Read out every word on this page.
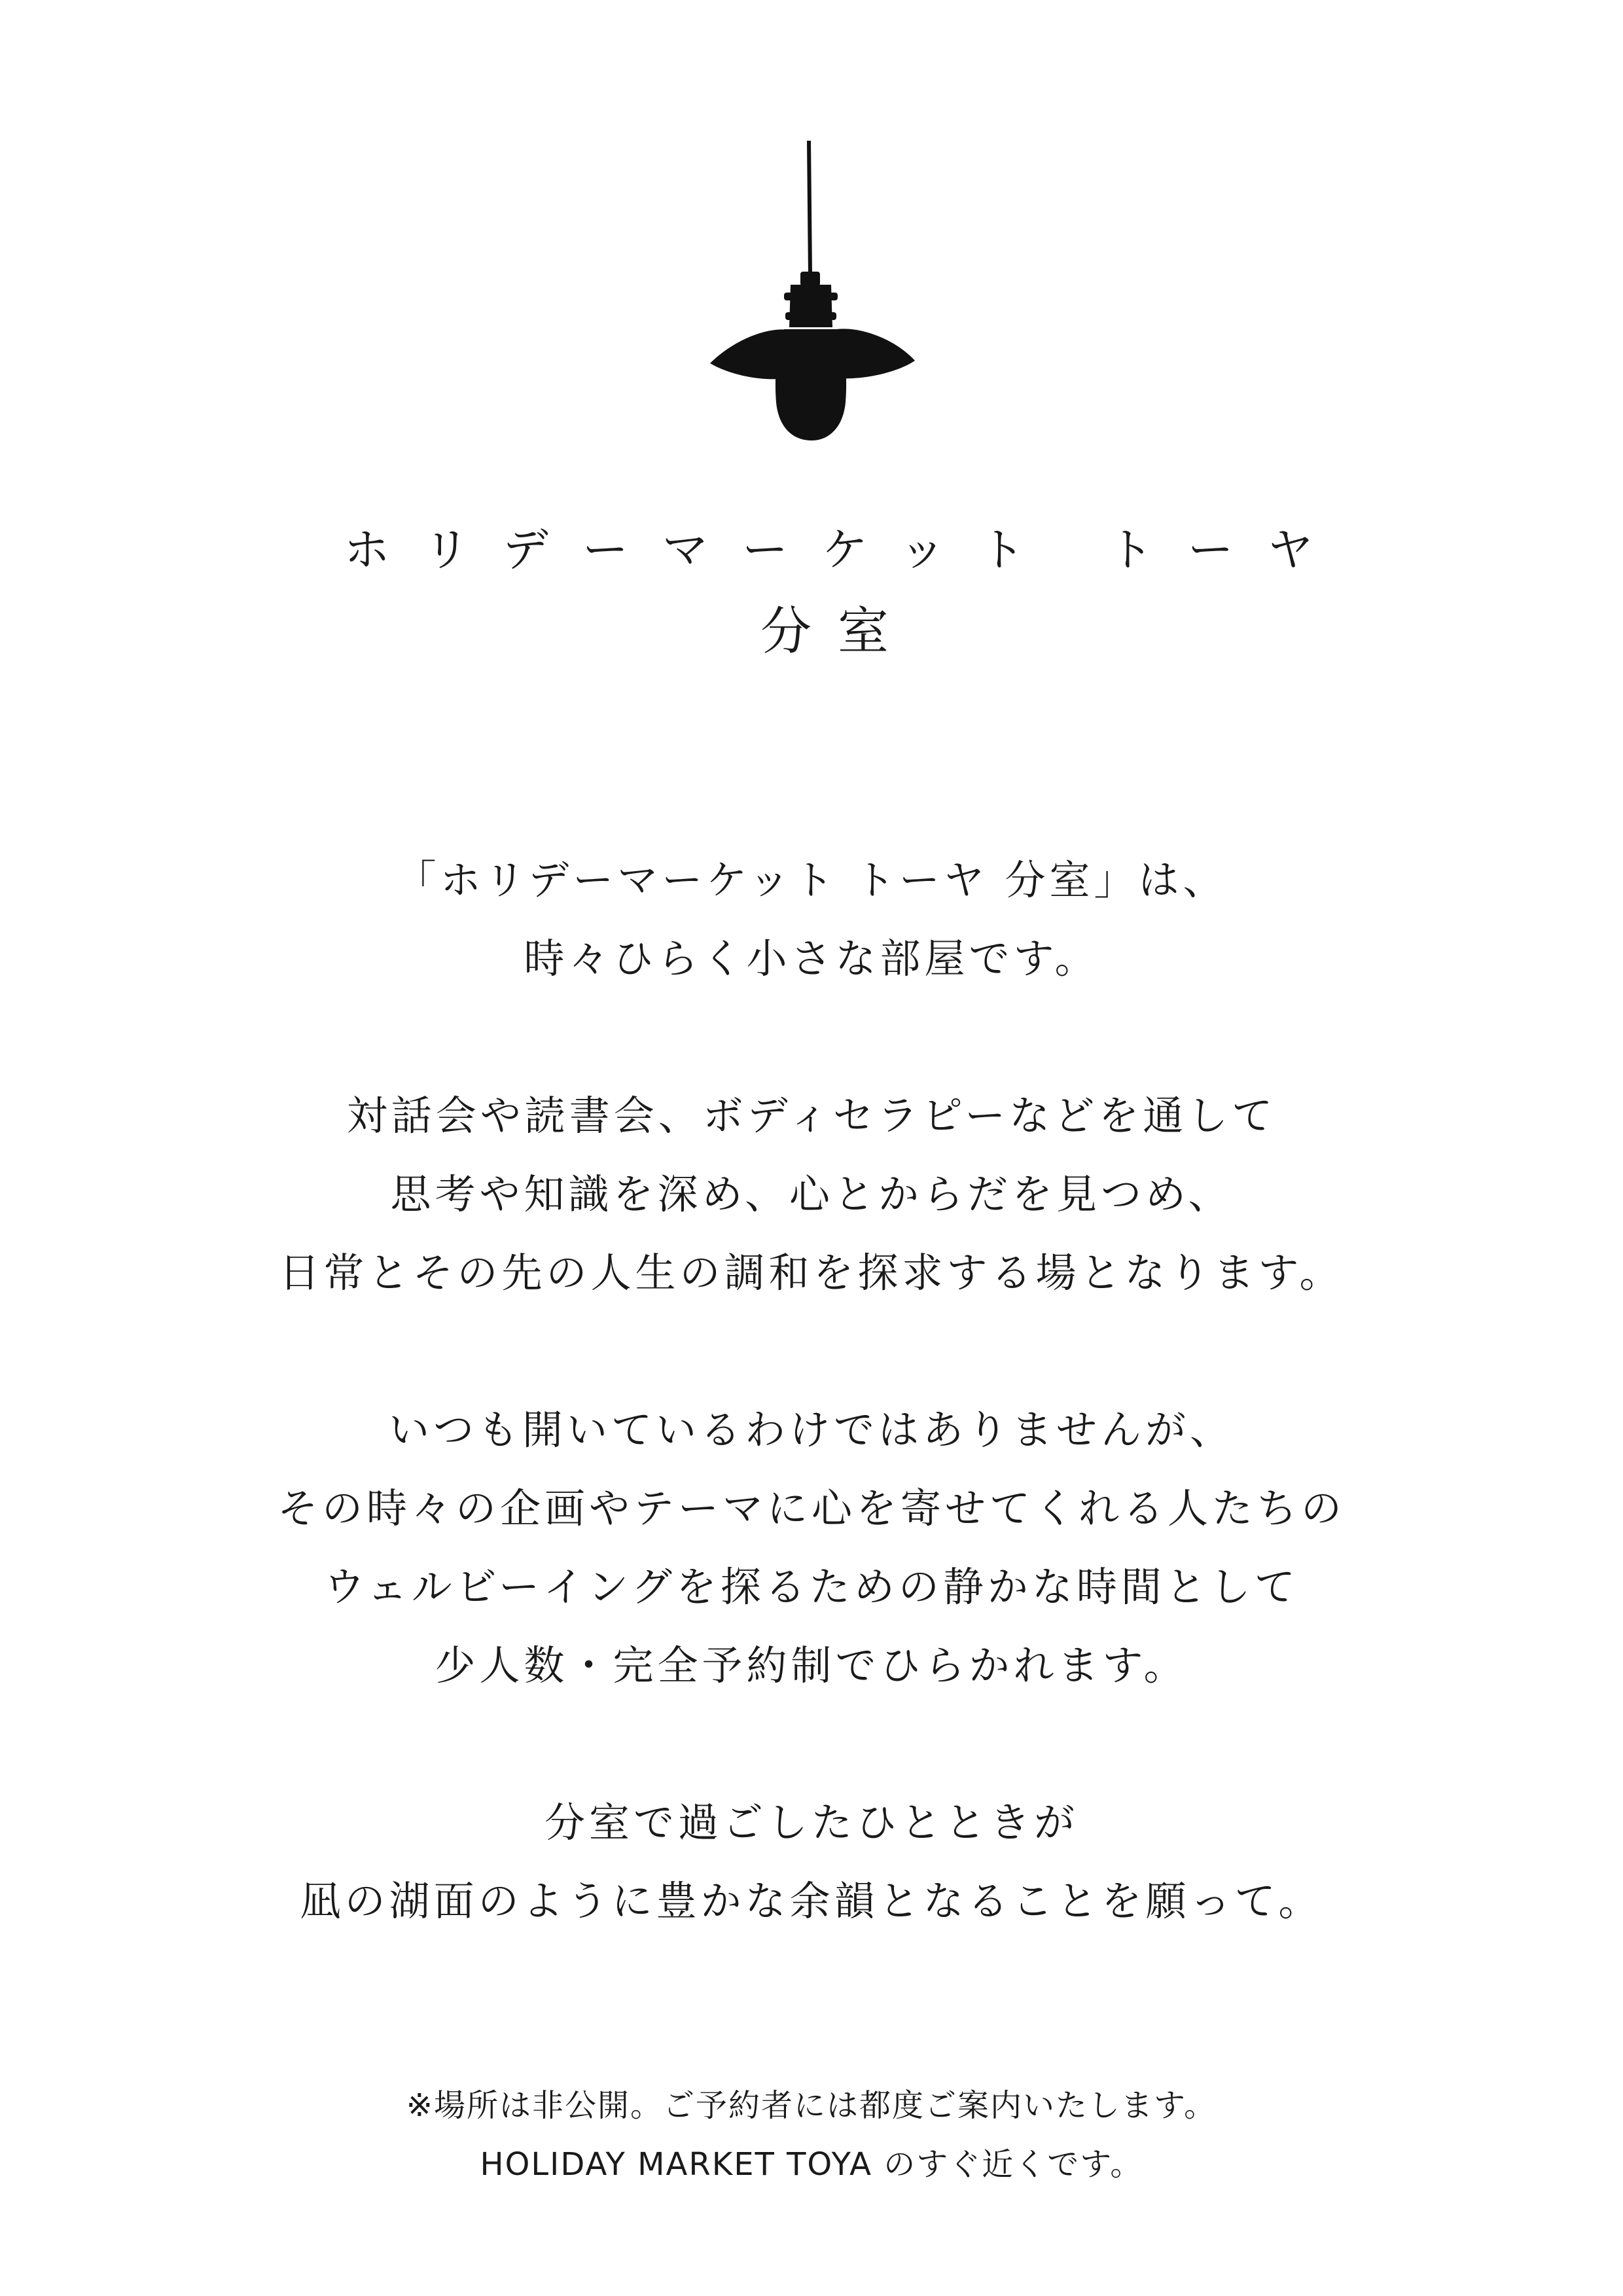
ホリデーマーケット トーヤ
分室

「ホリデーマーケット トーヤ 分室」は、
時々ひらく小さな部屋です。

対話会や読書会、ボディセラピーなどを通して
思考や知識を深め、心とからだを見つめ、
日常とその先の人生の調和を探求する場となります。

いつも開いているわけではありませんが、
その時々の企画やテーマに心を寄せてくれる人たちの
ウェルビーイングを探るための静かな時間として
少人数・完全予約制でひらかれます。

分室で過ごしたひとときが
凪の湖面のように豊かな余韻となることを願って。

※場所は非公開。ご予約者には都度ご案内いたします。
HOLIDAY MARKET TOYA のすぐ近くです。
